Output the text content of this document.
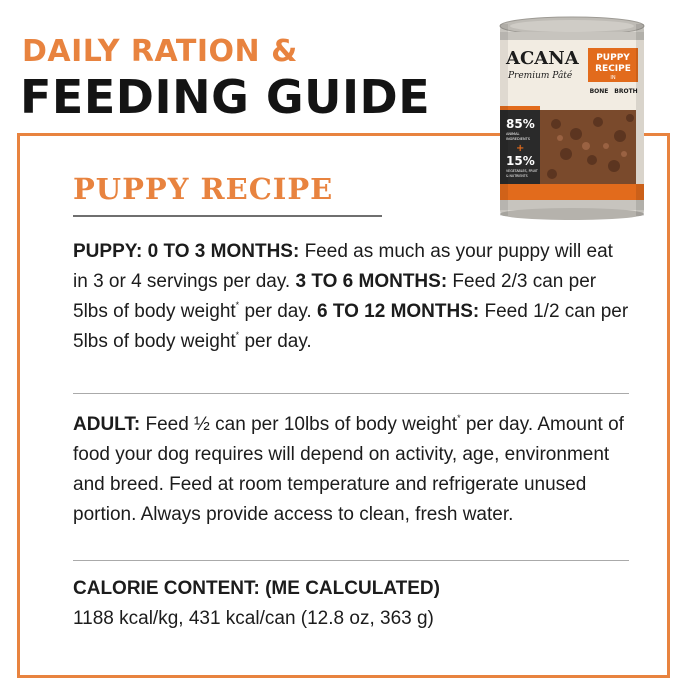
DAILY RATION &
FEEDING GUIDE
PUPPY RECIPE
PUPPY: 0 TO 3 MONTHS: Feed as much as your puppy will eat in 3 or 4 servings per day. 3 TO 6 MONTHS: Feed 2/3 can per 5lbs of body weight* per day. 6 TO 12 MONTHS: Feed 1/2 can per 5lbs of body weight* per day.
ADULT: Feed ½ can per 10lbs of body weight* per day. Amount of food your dog requires will depend on activity, age, environment and breed. Feed at room temperature and refrigerate unused portion. Always provide access to clean, fresh water.
CALORIE CONTENT: (ME CALCULATED)
1188 kcal/kg, 431 kcal/can (12.8 oz, 363 g)
ACANA
Premium Pâté
PUPPY
RECIPE
IN
BONE BROTH
85%
ANIMAL
INGREDIENTS
+
15%
VEGETABLES, FRUIT
& NUTRIENTS
